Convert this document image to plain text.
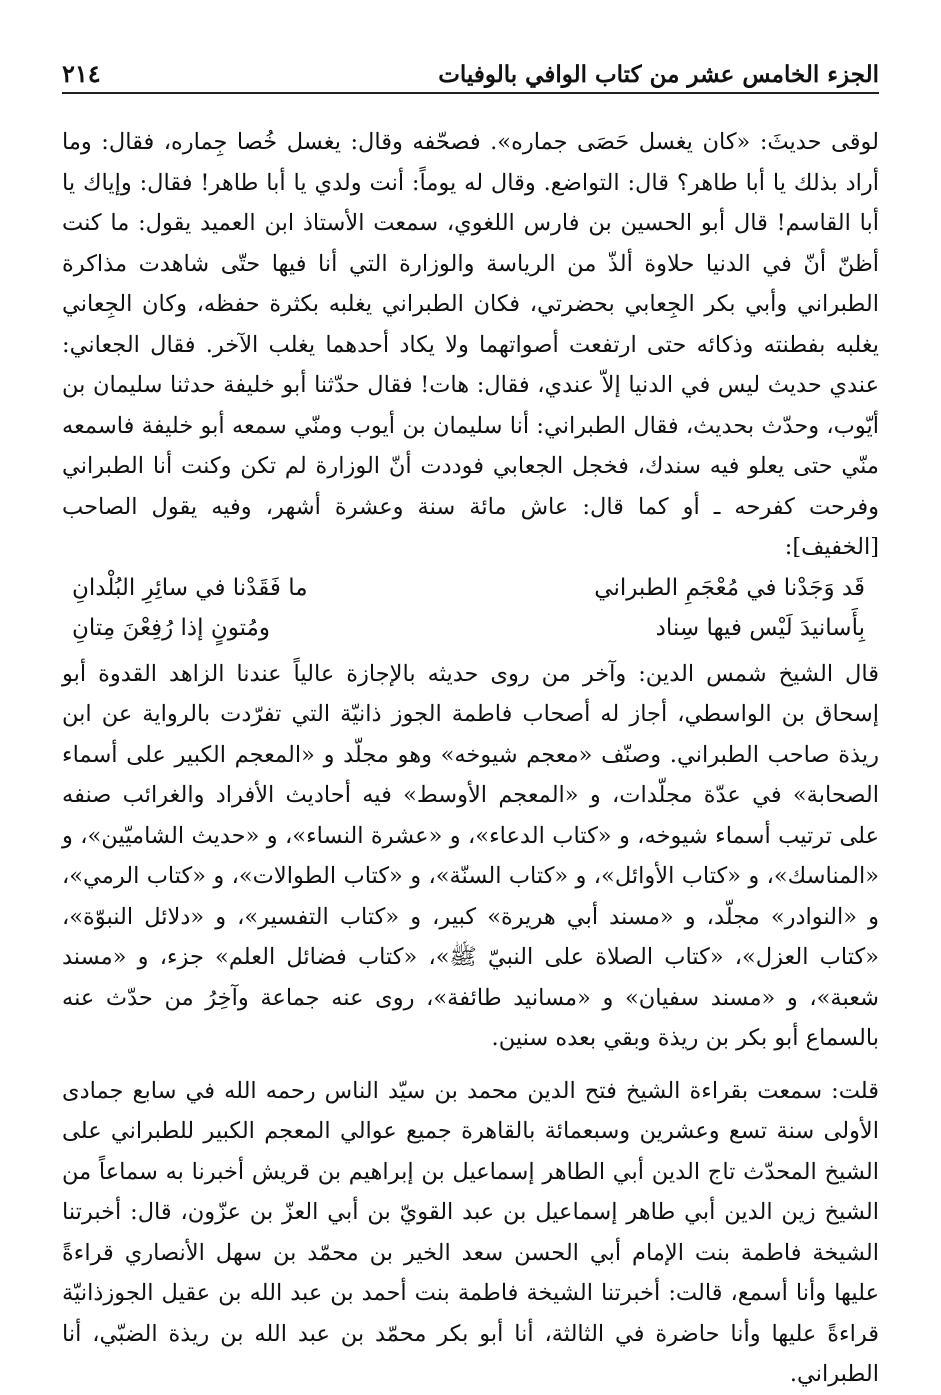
الجزء الخامس عشر من كتاب الوافي بالوفيات
٢١٤

لوقى حديثَ: «كان يغسل حَصَى جماره». فصحّفه وقال: يغسل خُصا جِماره، فقال: وما أراد بذلك يا أبا طاهر؟ قال: التواضع. وقال له يوماً: أنت ولدي يا أبا طاهر! فقال: وإياك يا أبا القاسم! قال أبو الحسين بن فارس اللغوي، سمعت الأستاذ ابن العميد يقول: ما كنت أظنّ أنّ في الدنيا حلاوة ألذّ من الرياسة والوزارة التي أنا فيها حتّى شاهدت مذاكرة الطبراني وأبي بكر الجِعابي بحضرتي، فكان الطبراني يغلبه بكثرة حفظه، وكان الجِعاني يغلبه بفطنته وذكائه حتى ارتفعت أصواتهما ولا يكاد أحدهما يغلب الآخر. فقال الجعاني: عندي حديث ليس في الدنيا إلاّ عندي، فقال: هات! فقال حدّثنا أبو خليفة حدثنا سليمان بن أيّوب، وحدّث بحديث، فقال الطبراني: أنا سليمان بن أيوب ومنّي سمعه أبو خليفة فاسمعه منّي حتى يعلو فيه سندك، فخجل الجعابي فوددت أنّ الوزارة لم تكن وكنت أنا الطبراني وفرحت كفرحه ـ أو كما قال: عاش مائة سنة وعشرة أشهر، وفيه يقول الصاحب [الخفيف]:

قَد وَجَدْنا في مُعْجَمِ الطبراني
ما فَقَدْنا في سائِرِ البُلْدانِ
بِأَسانيدَ لَيْس فيها سِناد
ومُتونٍ إذا رُفِعْنَ مِتانِ

قال الشيخ شمس الدين: وآخر من روى حديثه بالإجازة عالياً عندنا الزاهد القدوة أبو إسحاق بن الواسطي، أجاز له أصحاب فاطمة الجوز ذانيّة التي تفرّدت بالرواية عن ابن ريذة صاحب الطبراني. وصنّف «معجم شيوخه» وهو مجلّد و «المعجم الكبير على أسماء الصحابة» في عدّة مجلّدات، و «المعجم الأوسط» فيه أحاديث الأفراد والغرائب صنفه على ترتيب أسماء شيوخه، و «كتاب الدعاء»، و «عشرة النساء»، و «حديث الشاميّين»، و «المناسك»، و «كتاب الأوائل»، و «كتاب السنّة»، و «كتاب الطوالات»، و «كتاب الرمي»، و «النوادر» مجلّد، و «مسند أبي هريرة» كبير، و «كتاب التفسير»، و «دلائل النبوّة»، «كتاب العزل»، «كتاب الصلاة على النبيّ ﷺ»، «كتاب فضائل العلم» جزء، و «مسند شعبة»، و «مسند سفيان» و «مسانيد طائفة»، روى عنه جماعة وآخِرُ من حدّث عنه بالسماع أبو بكر بن ريذة وبقي بعده سنين.

قلت: سمعت بقراءة الشيخ فتح الدين محمد بن سيّد الناس رحمه الله في سابع جمادى الأولى سنة تسع وعشرين وسبعمائة بالقاهرة جميع عوالي المعجم الكبير للطبراني على الشيخ المحدّث تاج الدين أبي الطاهر إسماعيل بن إبراهيم بن قريش أخبرنا به سماعاً من الشيخ زين الدين أبي طاهر إسماعيل بن عبد القويّ بن أبي العزّ بن عزّون، قال: أخبرتنا الشيخة فاطمة بنت الإمام أبي الحسن سعد الخير بن محمّد بن سهل الأنصاري قراءةً عليها وأنا أسمع، قالت: أخبرتنا الشيخة فاطمة بنت أحمد بن عبد الله بن عقيل الجوزذانيّة قراءةً عليها وأنا حاضرة في الثالثة، أنا أبو بكر محمّد بن عبد الله بن ريذة الضبّي، أنا الطبراني.
